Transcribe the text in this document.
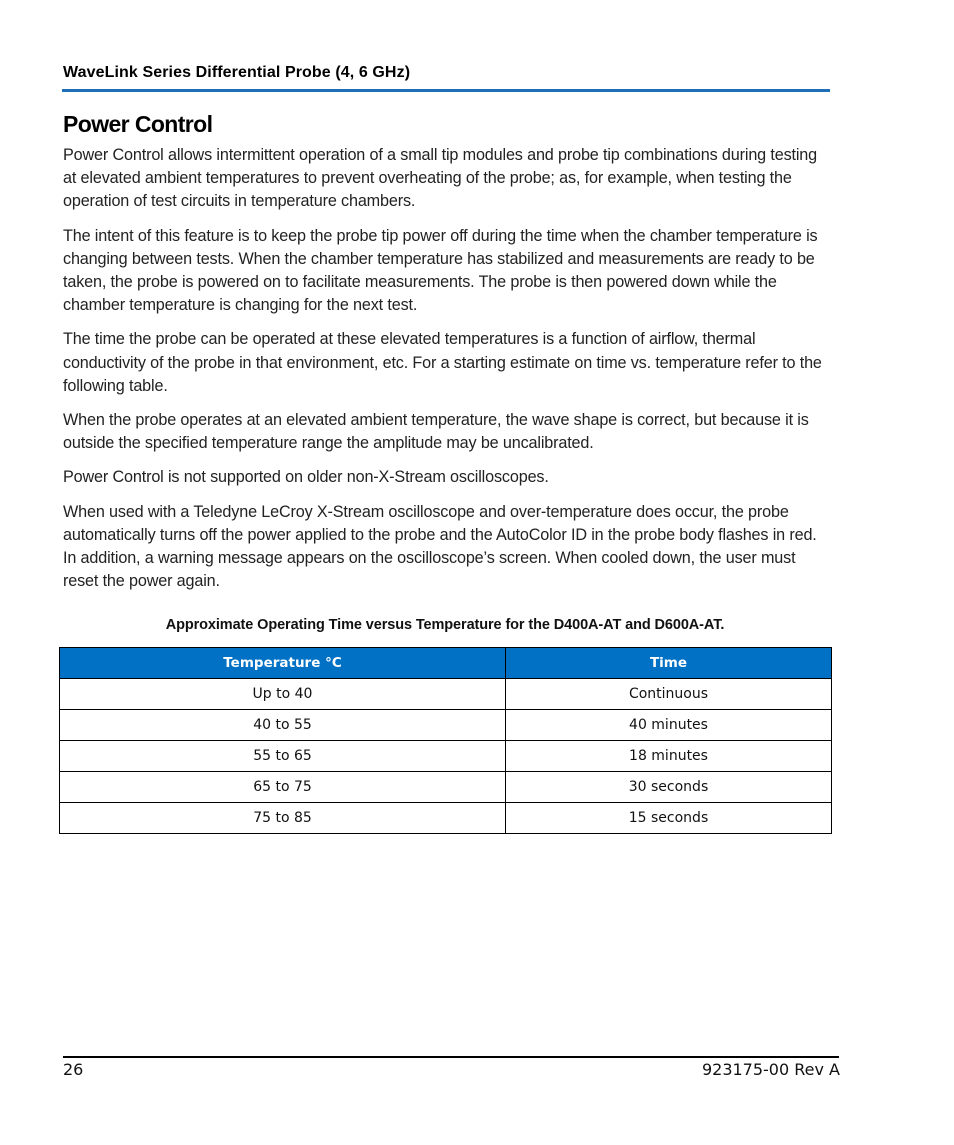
WaveLink Series Differential Probe (4, 6 GHz)
Power Control

Power Control allows intermittent operation of a small tip modules and probe tip combinations during testing at elevated ambient temperatures to prevent overheating of the probe; as, for example, when testing the operation of test circuits in temperature chambers.

The intent of this feature is to keep the probe tip power off during the time when the chamber temperature is changing between tests. When the chamber temperature has stabilized and measurements are ready to be taken, the probe is powered on to facilitate measurements. The probe is then powered down while the chamber temperature is changing for the next test.

The time the probe can be operated at these elevated temperatures is a function of airflow, thermal conductivity of the probe in that environment, etc. For a starting estimate on time vs. temperature refer to the following table.

When the probe operates at an elevated ambient temperature, the wave shape is correct, but because it is outside the specified temperature range the amplitude may be uncalibrated.

Power Control is not supported on older non-X-Stream oscilloscopes.

When used with a Teledyne LeCroy X-Stream oscilloscope and over-temperature does occur, the probe automatically turns off the power applied to the probe and the AutoColor ID in the probe body flashes in red. In addition, a warning message appears on the oscilloscope’s screen. When cooled down, the user must reset the power again.

Approximate Operating Time versus Temperature for the D400A-AT and D600A-AT.
Temperature °C	Time
Up to 40	Continuous
40 to 55	40 minutes
55 to 65	18 minutes
65 to 75	30 seconds
75 to 85	15 seconds
26	923175-00 Rev A
